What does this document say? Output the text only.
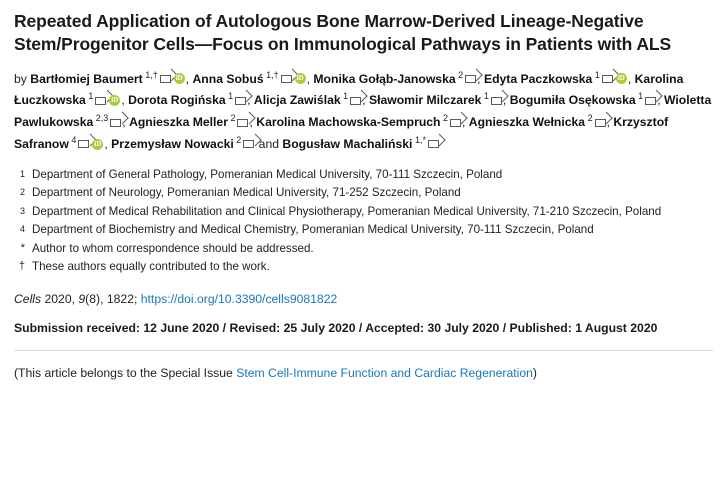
Repeated Application of Autologous Bone Marrow-Derived Lineage-Negative Stem/Progenitor Cells—Focus on Immunological Pathways in Patients with ALS
by Bartłomiej Baumert $^{1,\dagger}$ iD , Anna Sobuś $^{1,\dagger}$ iD , Monika Gołąb-Janowska $^2$ , Edyta Paczkowska $^1$iD , Karolina Łuczkowska $^1$ iD , Dorota Rogińska $^1$ , Alicja Zawiślak $^1$ , Sławomir Milczarek $^1$ , Bogumiła Osękowska $^1$ , Wioletta Pawlukowska $^{2,3}$ , Agnieszka Meller $^2$ , Karolina Machowska-Sempruch $^2$ , Agnieszka Wełnicka $^2$ , Krzysztof Safranow $^4$ iD , Przemysław Nowacki $^2$ and Bogusław Machaliński $^{1,*}$
1 Department of General Pathology, Pomeranian Medical University, 70-111 Szczecin, Poland
2 Department of Neurology, Pomeranian Medical University, 71-252 Szczecin, Poland
3 Department of Medical Rehabilitation and Clinical Physiotherapy, Pomeranian Medical University, 71-210 Szczecin, Poland
4 Department of Biochemistry and Medical Chemistry, Pomeranian Medical University, 70-111 Szczecin, Poland
* Author to whom correspondence should be addressed.
† These authors equally contributed to the work.
Cells 2020, 9(8), 1822; https://doi.org/10.3390/cells9081822
Submission received: 12 June 2020 / Revised: 25 July 2020 / Accepted: 30 July 2020 / Published: 1 August 2020
(This article belongs to the Special Issue Stem Cell-Immune Function and Cardiac Regeneration)
